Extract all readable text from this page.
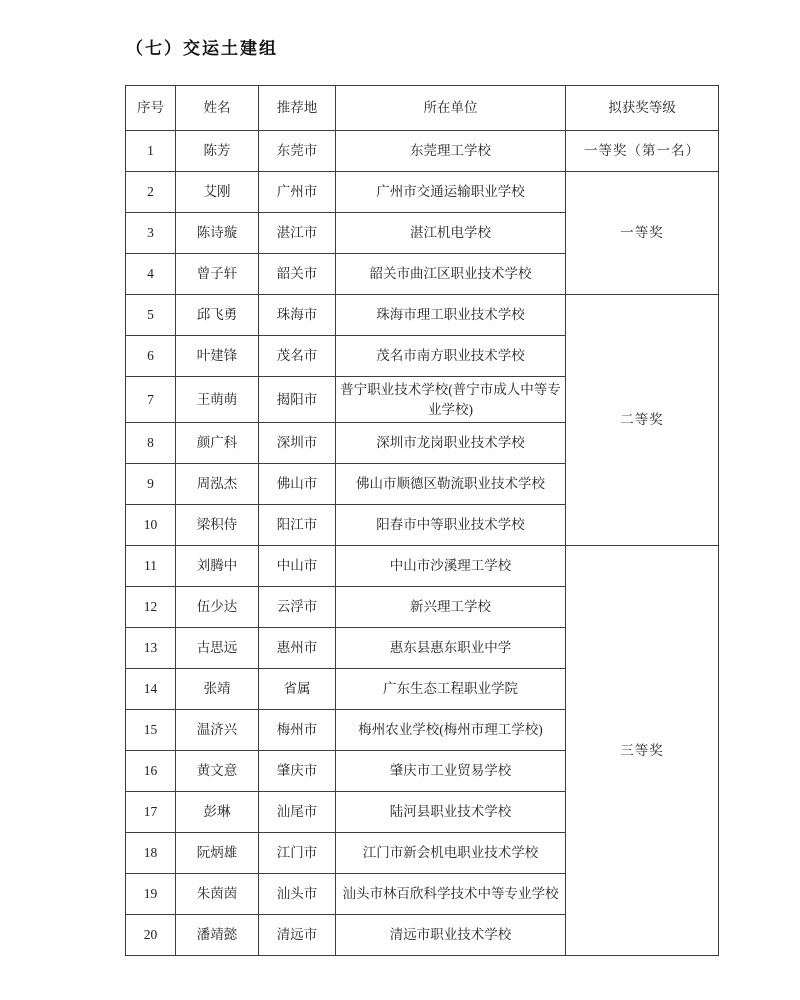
（七）交运土建组
序号	姓名	推荐地	所在单位	拟获奖等级
1	陈芳	东莞市	东莞理工学校	一等奖（第一名）
2	艾刚	广州市	广州市交通运输职业学校	一等奖
3	陈诗璇	湛江市	湛江机电学校	
4	曾子轩	韶关市	韶关市曲江区职业技术学校	
5	邱飞勇	珠海市	珠海市理工职业技术学校	二等奖
6	叶建锋	茂名市	茂名市南方职业技术学校	
7	王萌萌	揭阳市	普宁职业技术学校(普宁市成人中等专业学校)	
8	颜广科	深圳市	深圳市龙岗职业技术学校	
9	周泓杰	佛山市	佛山市顺德区勒流职业技术学校	
10	梁积侍	阳江市	阳春市中等职业技术学校	
11	刘腾中	中山市	中山市沙溪理工学校	三等奖
12	伍少达	云浮市	新兴理工学校	
13	古思远	惠州市	惠东县惠东职业中学	
14	张靖	省属	广东生态工程职业学院	
15	温济兴	梅州市	梅州农业学校(梅州市理工学校)	
16	黄文意	肇庆市	肇庆市工业贸易学校	
17	彭琳	汕尾市	陆河县职业技术学校	
18	阮炳雄	江门市	江门市新会机电职业技术学校	
19	朱茵茵	汕头市	汕头市林百欣科学技术中等专业学校	
20	潘靖懿	清远市	清远市职业技术学校	
